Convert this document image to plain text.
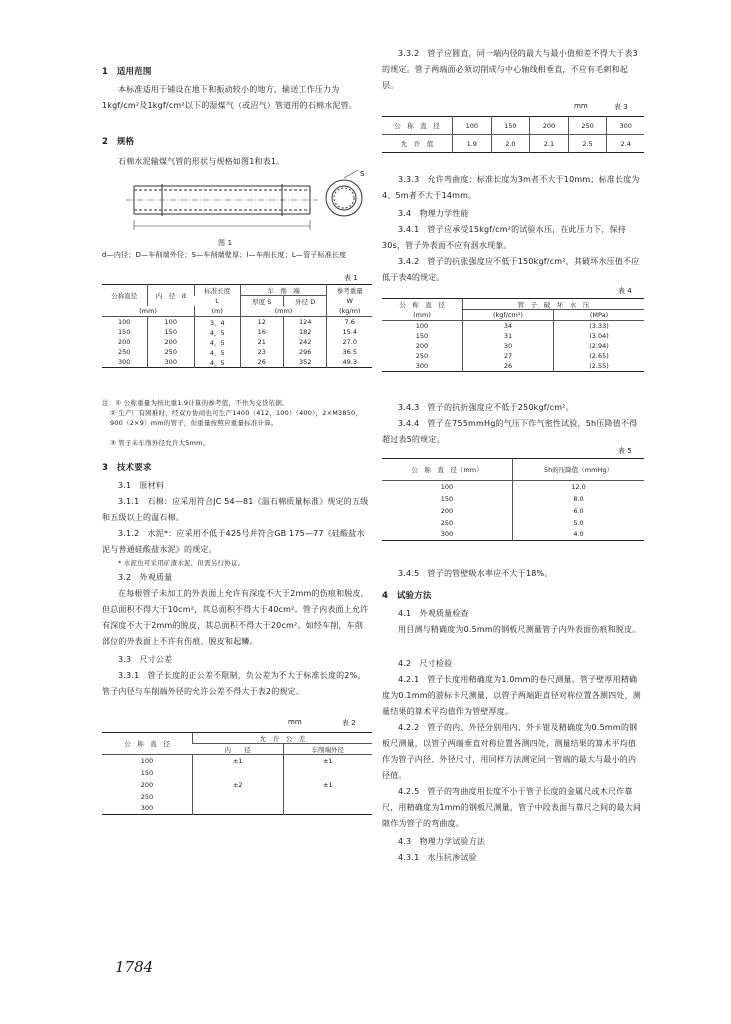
1　适用范围
本标准适用于铺设在地下和振动较小的地方，输送工作压力为1kgf/cm²及1kgf/cm²以下的湿煤气（或沼气）管道用的石棉水泥管。
2　规格
石棉水泥输煤气管的形状与规格如图1和表1。
S
图 1
d—内径；D—车削端外径；S—车削端壁厚；l—车削长度；L—管子标准长度
表 1
公称直径	内　径　d	标准长度	车　削　端		参考重量
		L	厚度 S	外径 D	W
(mm)		(m)	(mm)		(kg/m)
100	100	3，4	12	124	7.6
150	150	4，5	16	182	15.4
200	200	4，5	21	242	27.0
250	250	4，5	23	296	36.5
300	300	4，5	26	352	49.3
注：① 公称重量为按比重1.9计算的参考值，不作为交货依据。
② 生产厂有困难时，经双方协商也可生产1400（412，100）（400），2×M3850，900（2×9）mm的管子，但重量按照应重量标准计算。
③ 管子未车削外径允许大5mm。
3　技术要求
3.1　原材料
3.1.1　石棉：应采用符合JC 54—81《温石棉质量标准》规定的五级和五级以上的温石棉。
3.1.2　水泥*：应采用不低于425号并符合GB 175—77《硅酸盐水泥与普通硅酸盐水泥》的规定。
* 水泥也可采用矿渣水泥，但需另行协议。
3.2　外观质量
在每根管子未加工的外表面上允许有深度不大于2mm的伤痕和脱皮，但总面积不得大于10cm²，其总面积不得大于40cm²。管子内表面上允许有深度不大于2mm的脱皮，其总面积不得大于20cm²。如经车削，车削部位的外表面上不许有伤痕、脱皮和起鳞。
3.3　尺寸公差
3.3.1　管子长度的正公差不限制，负公差为不大于标准长度的2%。管子内径与车削端外径的允许公差不得大于表2的规定。
mm	表 2
公　称　直　径	允　许　公　差	
	内　　径	车削端外径
100	±1	±1
150		
200	±2	±1
250		
300		
1784
3.3.2　管子应圆直，同一端内径的最大与最小值相差不得大于表3的规定。管子两端面必须切削成与中心轴线相垂直，不应有毛刺和起层。
mm	表 3
公　称　直　径	100	150	200	250	300
允　许　值	1.9	2.0	2.1	2.5	2.4
3.3.3　允许弯曲度：标准长度为3m者不大于10mm；标准长度为4、5m者不大于14mm。
3.4　物理力学性能
3.4.1　管子应承受15kgf/cm²的试验水压，在此压力下，保持30s，管子外表面不应有洇水现象。
3.4.2　管子的抗张强度应不低于150kgf/cm²，其破坏水压值不应低于表4的规定。
表 4
公　称　直　径	管　子　破　坏　水　压	
(mm)	(kgf/cm²)	(MPa)
100	34	(3.33)
150	31	(3.04)
200	30	(2.94)
250	27	(2.65)
300	26	(2.55)
3.4.3　管子的抗折强度应不低于250kgf/cm²。
3.4.4　管子在755mmHg的气压下作气密性试验，5h压降值不得超过表5的规定。
表 5
公　称　直　径（mm）	5h的压降值（mmHg）
100	12.0
150	8.0
200	6.0
250	5.0
300	4.0
3.4.5　管子的管壁吸水率应不大于18%。
4　试验方法
4.1　外观质量检查
用目测与精确度为0.5mm的钢板尺测量管子内外表面伤痕和脱皮。
4.2　尺寸检验
4.2.1　管子长度用精确度为1.0mm的卷尺测量。管子壁厚用精确度为0.1mm的游标卡尺测量，以管子两端距直径对称位置各测四处，测量结果的算术平均值作为管壁厚度。
4.2.2　管子的内、外径分别用内、外卡钳及精确度为0.5mm的钢板尺测量，以管子两端垂直对称位置各测四处，测量结果的算术平均值作为管子内径、外径尺寸，用同样方法测定同一管端的最大与最小的内径值。
4.2.5　管子的弯曲度用长度不小于管子长度的金属尺或木尺作靠尺，用精确度为1mm的钢板尺测量，管子中段表面与靠尺之间的最大间隙作为管子的弯曲度。
4.3　物理力学试验方法
4.3.1　水压抗渗试验
